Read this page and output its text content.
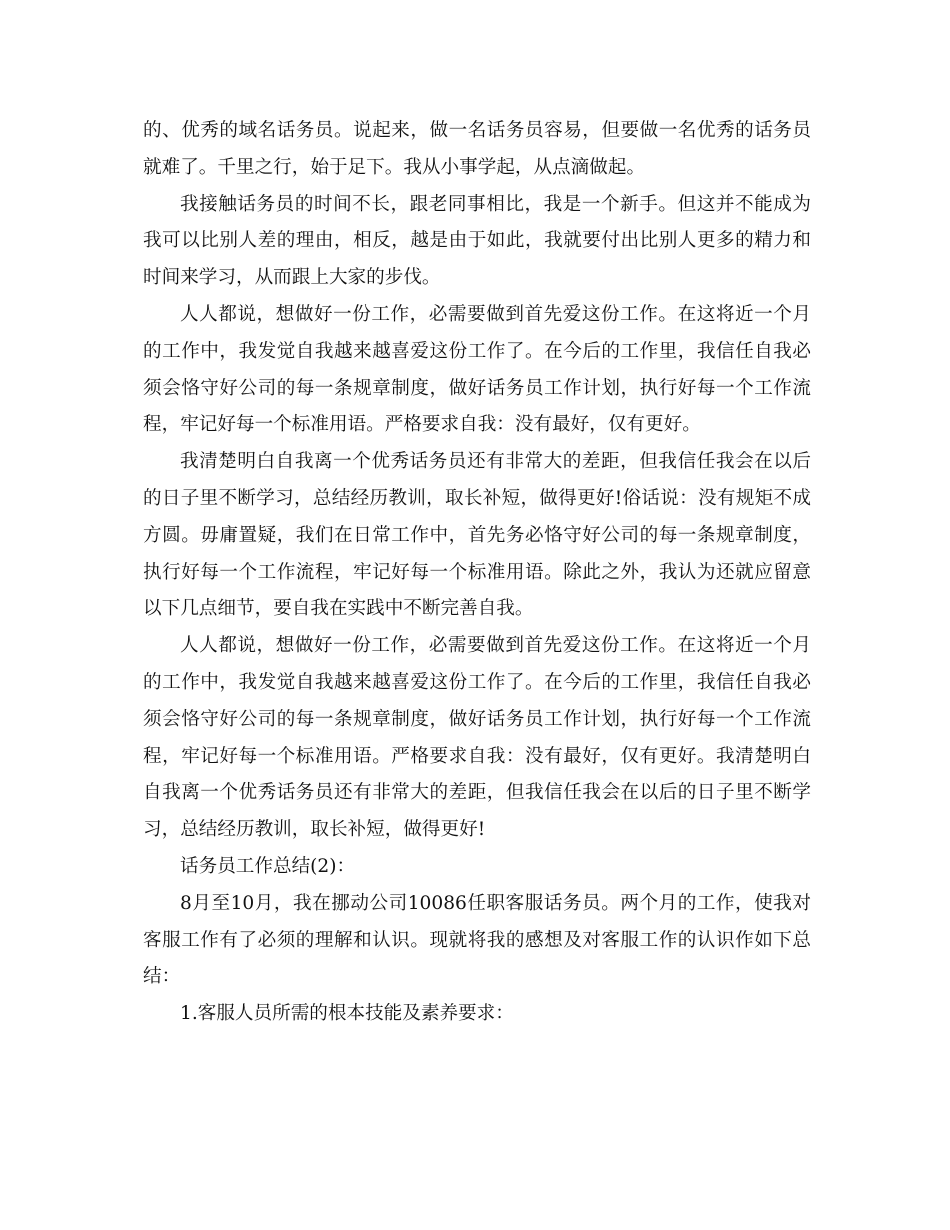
的、优秀的域名话务员。说起来，做一名话务员容易，但要做一名优秀的话务员
就难了。千里之行，始于足下。我从小事学起，从点滴做起。
我接触话务员的时间不长，跟老同事相比，我是一个新手。但这并不能成为
我可以比别人差的理由，相反，越是由于如此，我就要付出比别人更多的精力和
时间来学习，从而跟上大家的步伐。
人人都说，想做好一份工作，必需要做到首先爱这份工作。在这将近一个月
的工作中，我发觉自我越来越喜爱这份工作了。在今后的工作里，我信任自我必
须会恪守好公司的每一条规章制度，做好话务员工作计划，执行好每一个工作流
程，牢记好每一个标准用语。严格要求自我：没有最好，仅有更好。
我清楚明白自我离一个优秀话务员还有非常大的差距，但我信任我会在以后
的日子里不断学习，总结经历教训，取长补短，做得更好!俗话说：没有规矩不成
方圆。毋庸置疑，我们在日常工作中，首先务必恪守好公司的每一条规章制度，
执行好每一个工作流程，牢记好每一个标准用语。除此之外，我认为还就应留意
以下几点细节，要自我在实践中不断完善自我。
人人都说，想做好一份工作，必需要做到首先爱这份工作。在这将近一个月
的工作中，我发觉自我越来越喜爱这份工作了。在今后的工作里，我信任自我必
须会恪守好公司的每一条规章制度，做好话务员工作计划，执行好每一个工作流
程，牢记好每一个标准用语。严格要求自我：没有最好，仅有更好。我清楚明白
自我离一个优秀话务员还有非常大的差距，但我信任我会在以后的日子里不断学
习，总结经历教训，取长补短，做得更好!
话务员工作总结(2)：
8月至10月，我在挪动公司10086任职客服话务员。两个月的工作，使我对
客服工作有了必须的理解和认识。现就将我的感想及对客服工作的认识作如下总
结：
1.客服人员所需的根本技能及素养要求：
